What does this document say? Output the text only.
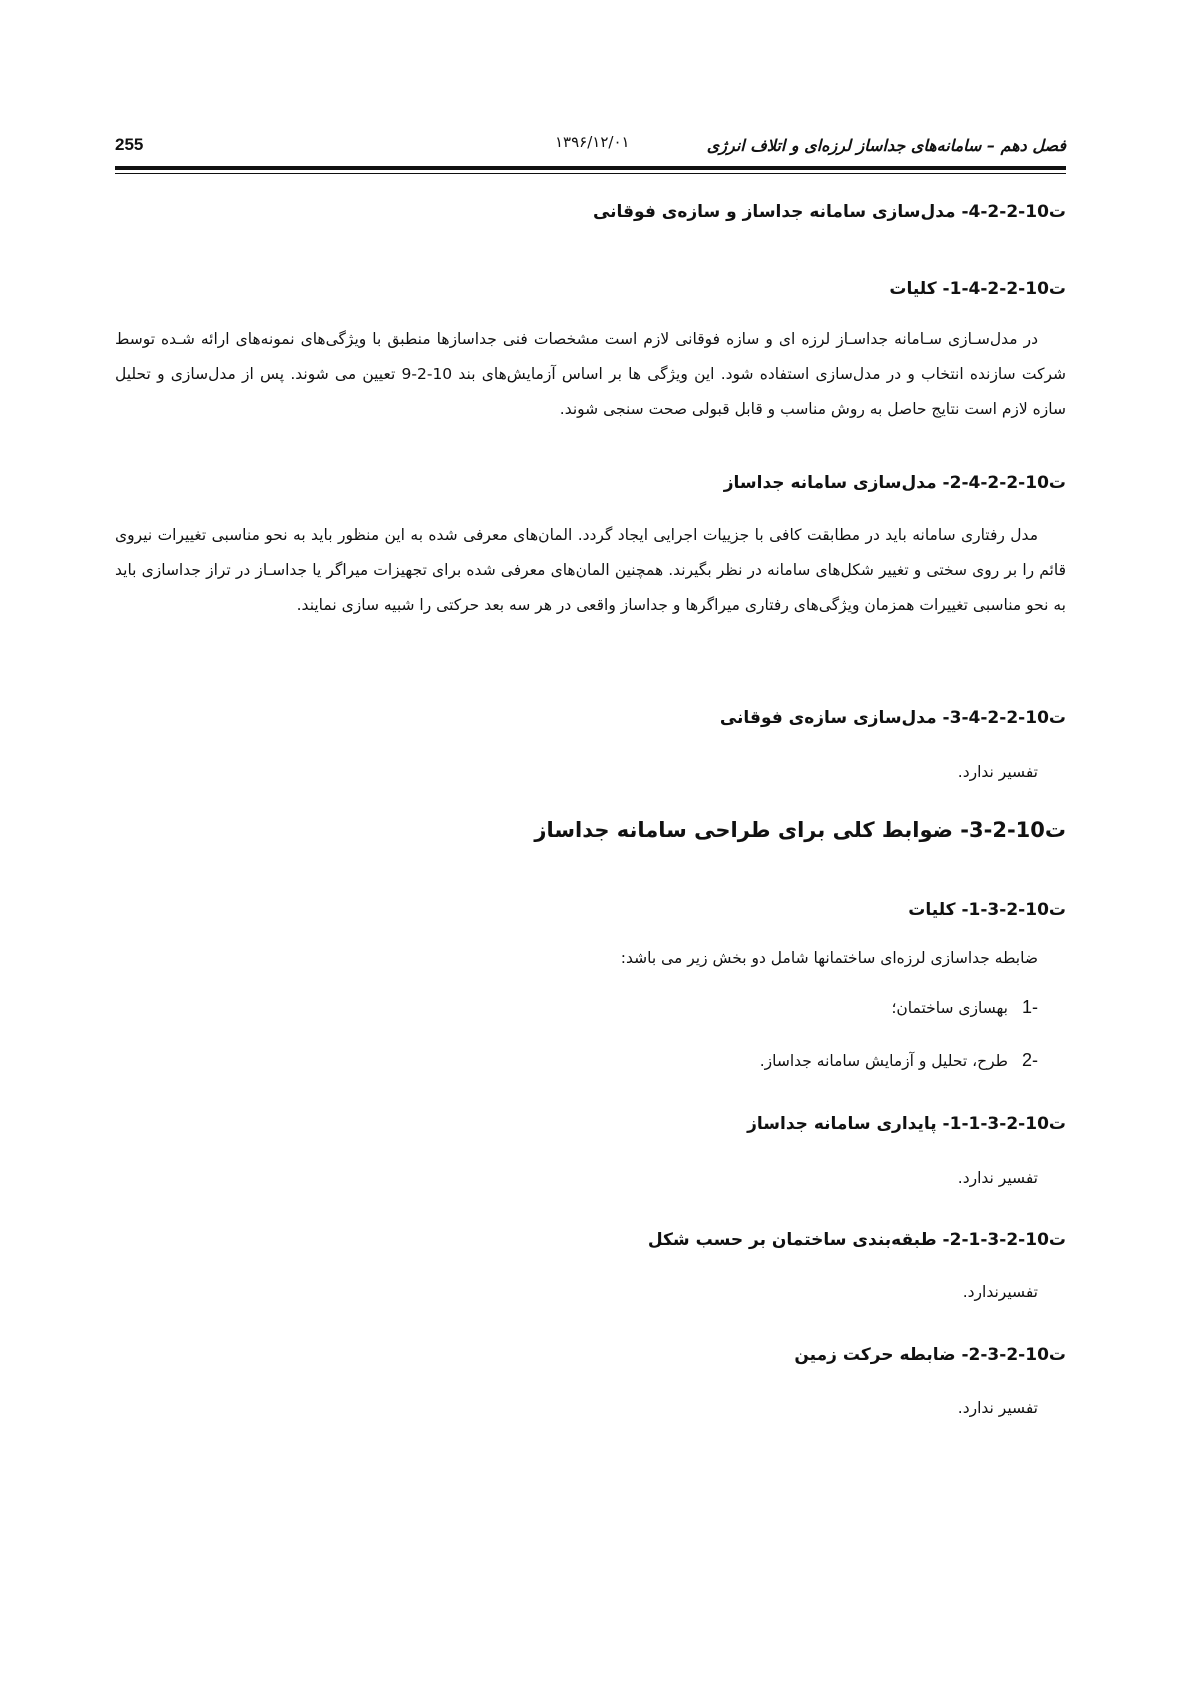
255	۱۳۹۶/۱۲/۰۱	فصل دهم – سامانه‌های جداساز لرزه‌ای و اتلاف انرژی
ت10-2-2-4- مدل‌سازی سامانه جداساز و سازه‌ی فوقانی
ت10-2-2-4-1- کلیات
در مدل‌سـازی سـامانه جداسـاز لرزه ای و سازه فوقانی لازم است مشخصات فنی جداسازها منطبق با ویژگی‌های نمونه‌های ارائه شـده توسط شرکت سازنده انتخاب و در مدل‌سازی استفاده شود. این ویژگی ها بر اساس آزمایش‌های بند 10-2-9 تعیین می شوند. پس از مدل‌سازی و تحلیل سازه لازم است نتایج حاصل به روش مناسب و قابل قبولی صحت سنجی شوند.
ت10-2-2-4-2- مدل‌سازی سامانه جداساز
مدل رفتاری سامانه باید در مطابقت کافی با جزییات اجرایی ایجاد گردد. المان‌های معرفی شده به این منظور باید به نحو مناسبی تغییرات نیروی قائم را بر روی سختی و تغییر شکل‌های سامانه در نظر بگیرند. همچنین المان‌های معرفی شده برای تجهیزات میراگر یا جداسـاز در تراز جداسازی باید به نحو مناسبی تغییرات همزمان ویژگی‌های رفتاری میراگرها و جداساز واقعی در هر سه بعد حرکتی را شبیه سازی نمایند.
ت10-2-2-4-3- مدل‌سازی سازه‌ی فوقانی
تفسیر ندارد.
ت10-2-3- ضوابط کلی برای طراحی سامانه جداساز
ت10-2-3-1- کلیات
ضابطه جداسازی لرزه‌ای ساختمانها شامل دو بخش زیر می باشد:
-1بهسازی ساختمان؛
-2طرح، تحلیل و آزمایش سامانه جداساز.
ت10-2-3-1-1- پایداری سامانه جداساز
تفسیر ندارد.
ت10-2-3-1-2- طبقه‌بندی ساختمان بر حسب شکل
تفسیرندارد.
ت10-2-3-2- ضابطه حرکت زمین
تفسیر ندارد.
